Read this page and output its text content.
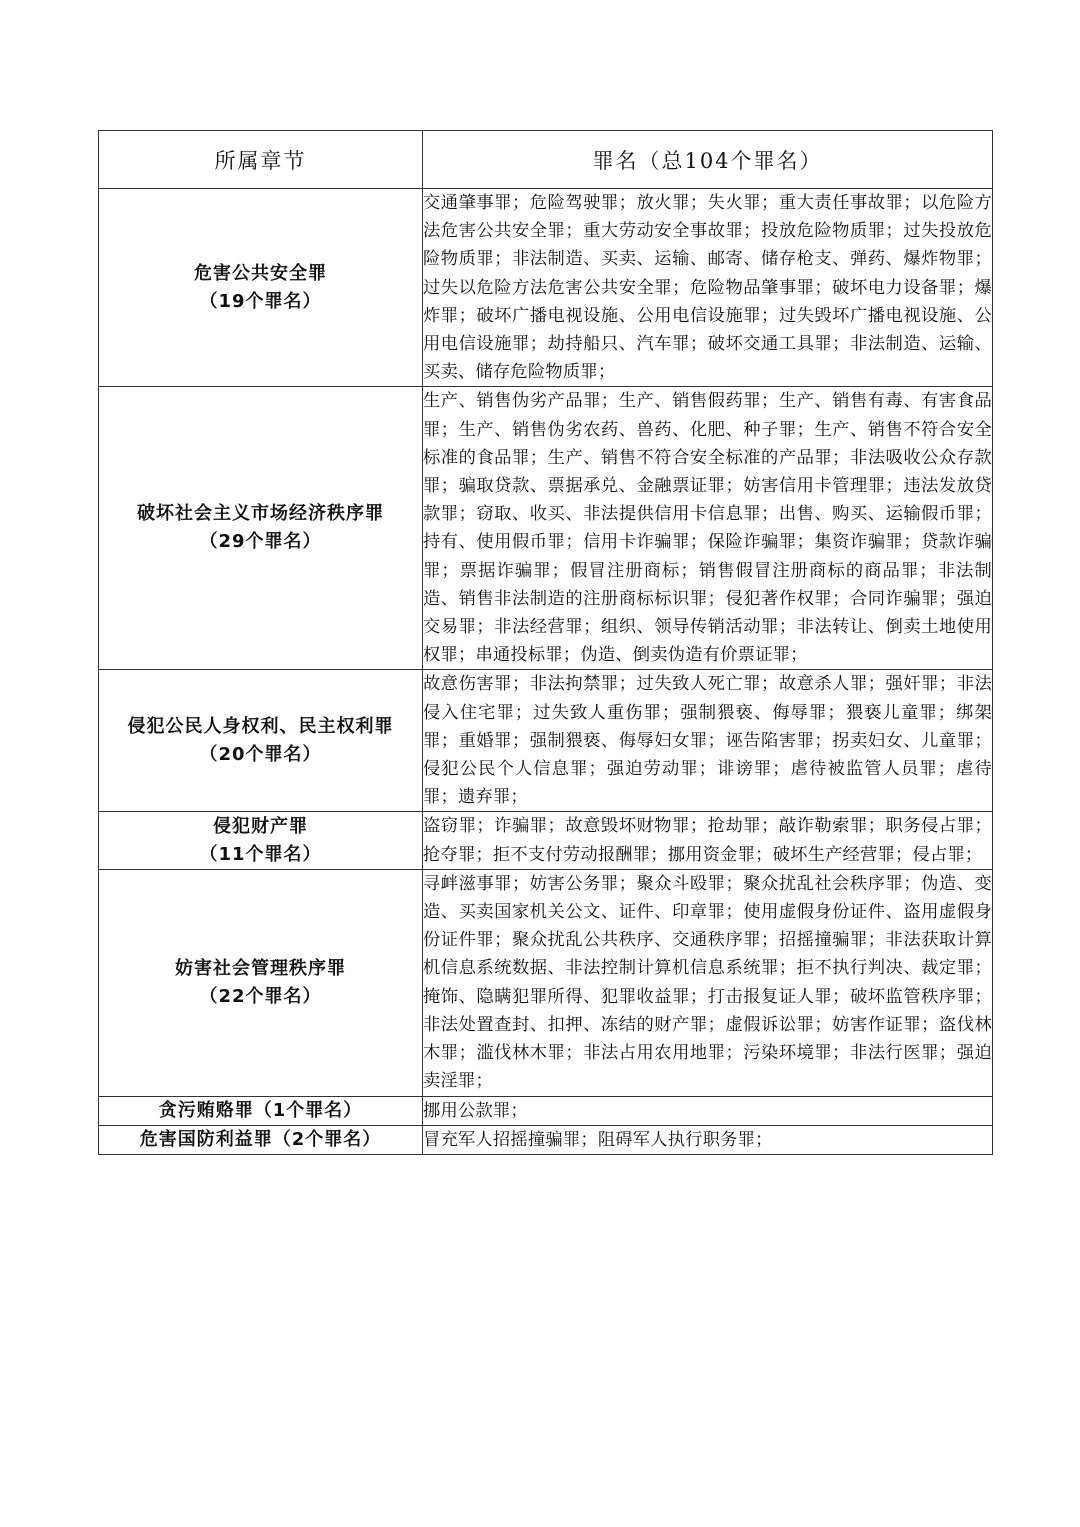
所属章节	罪名（总104个罪名）

危害公共安全罪
（19个罪名）	交通肇事罪；危险驾驶罪；放火罪；失火罪；重大责任事故罪；以危险方法危害公共安全罪；重大劳动安全事故罪；投放危险物质罪；过失投放危险物质罪；非法制造、买卖、运输、邮寄、储存枪支、弹药、爆炸物罪；过失以危险方法危害公共安全罪；危险物品肇事罪；破坏电力设备罪；爆炸罪；破坏广播电视设施、公用电信设施罪；过失毁坏广播电视设施、公用电信设施罪；劫持船只、汽车罪；破坏交通工具罪；非法制造、运输、买卖、储存危险物质罪；

破坏社会主义市场经济秩序罪
（29个罪名）	生产、销售伪劣产品罪；生产、销售假药罪；生产、销售有毒、有害食品罪；生产、销售伪劣农药、兽药、化肥、种子罪；生产、销售不符合安全标准的食品罪；生产、销售不符合安全标准的产品罪；非法吸收公众存款罪；骗取贷款、票据承兑、金融票证罪；妨害信用卡管理罪；违法发放贷款罪；窃取、收买、非法提供信用卡信息罪；出售、购买、运输假币罪；持有、使用假币罪；信用卡诈骗罪；保险诈骗罪；集资诈骗罪；贷款诈骗罪；票据诈骗罪；假冒注册商标；销售假冒注册商标的商品罪；非法制造、销售非法制造的注册商标标识罪；侵犯著作权罪；合同诈骗罪；强迫交易罪；非法经营罪；组织、领导传销活动罪；非法转让、倒卖土地使用权罪；串通投标罪；伪造、倒卖伪造有价票证罪；

侵犯公民人身权利、民主权利罪
（20个罪名）	故意伤害罪；非法拘禁罪；过失致人死亡罪；故意杀人罪；强奸罪；非法侵入住宅罪；过失致人重伤罪；强制猥亵、侮辱罪；猥亵儿童罪；绑架罪；重婚罪；强制猥亵、侮辱妇女罪；诬告陷害罪；拐卖妇女、儿童罪；侵犯公民个人信息罪；强迫劳动罪；诽谤罪；虐待被监管人员罪；虐待罪；遗弃罪；

侵犯财产罪
（11个罪名）	盗窃罪；诈骗罪；故意毁坏财物罪；抢劫罪；敲诈勒索罪；职务侵占罪；抢夺罪；拒不支付劳动报酬罪；挪用资金罪；破坏生产经营罪；侵占罪；

妨害社会管理秩序罪
（22个罪名）	寻衅滋事罪；妨害公务罪；聚众斗殴罪；聚众扰乱社会秩序罪；伪造、变造、买卖国家机关公文、证件、印章罪；使用虚假身份证件、盗用虚假身份证件罪；聚众扰乱公共秩序、交通秩序罪；招摇撞骗罪；非法获取计算机信息系统数据、非法控制计算机信息系统罪；拒不执行判决、裁定罪；掩饰、隐瞒犯罪所得、犯罪收益罪；打击报复证人罪；破坏监管秩序罪；非法处置查封、扣押、冻结的财产罪；虚假诉讼罪；妨害作证罪；盗伐林木罪；滥伐林木罪；非法占用农用地罪；污染环境罪；非法行医罪；强迫卖淫罪；
贪污贿赂罪（1个罪名）	挪用公款罪；
危害国防利益罪（2个罪名）	冒充军人招摇撞骗罪；阻碍军人执行职务罪；
